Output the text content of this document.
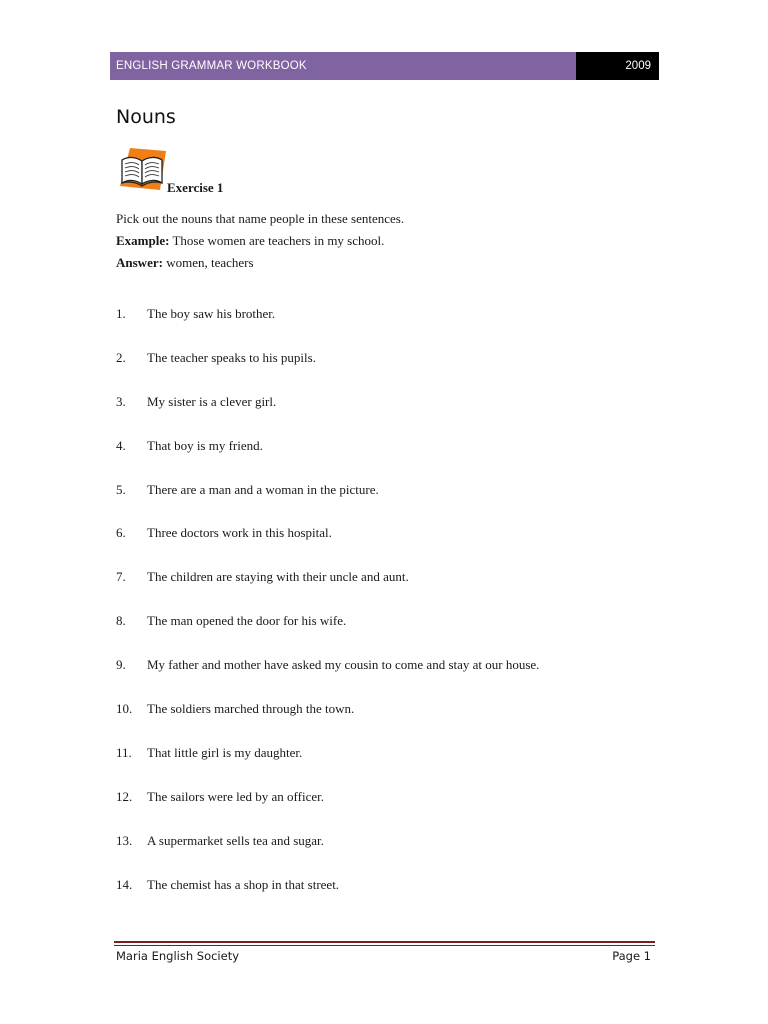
ENGLISH GRAMMAR WORKBOOK	2009
Nouns
Exercise 1

Pick out the nouns that name people in these sentences.

Example: Those women are teachers in my school.

Answer: women, teachers

1.	The boy saw his brother.
2.	The teacher speaks to his pupils.
3.	My sister is a clever girl.
4.	That boy is my friend.
5.	There are a man and a woman in the picture.
6.	Three doctors work in this hospital.
7.	The children are staying with their uncle and aunt.
8.	The man opened the door for his wife.
9.	My father and mother have asked my cousin to come and stay at our house.
10.	The soldiers marched through the town.
11.	That little girl is my daughter.
12.	The sailors were led by an officer.
13.	A supermarket sells tea and sugar.
14.	The chemist has a shop in that street.
Maria English Society	Page 1
